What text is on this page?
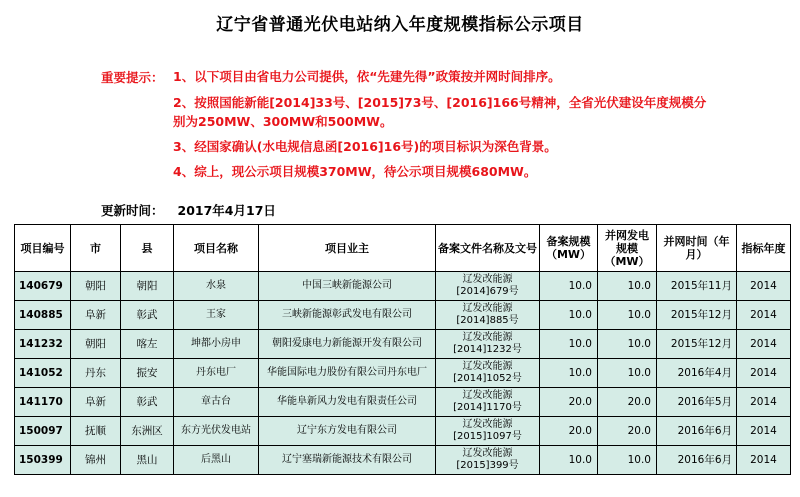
辽宁省普通光伏电站纳入年度规模指标公示项目
重要提示： 1、以下项目由省电力公司提供，依“先建先得”政策按并网时间排序。
2、按照国能新能[2014]33号、[2015]73号、[2016]166号精神，全省光伏建设年度规模分
别为250MW、300MW和500MW。
3、经国家确认(水电规信息函[2016]16号)的项目标识为深色背景。
4、综上，现公示项目规模370MW，待公示项目规模680MW。
更新时间： 2017年4月17日
项目编号	市	县	项目名称	项目业主	备案文件名称及文号	备案规模（MW）	并网发电规模（MW）	并网时间（年月）	指标年度
140679	朝阳	朝阳	水泉	中国三峡新能源公司	辽发改能源[2014]679号	10.0	10.0	2015年11月	2014
140885	阜新	彰武	王家	三峡新能源彰武发电有限公司	辽发改能源[2014]885号	10.0	10.0	2015年12月	2014
141232	朝阳	喀左	坤都小房申	朝阳爱康电力新能源开发有限公司	辽发改能源[2014]1232号	10.0	10.0	2015年12月	2014
141052	丹东	振安	丹东电厂	华能国际电力股份有限公司丹东电厂	辽发改能源[2014]1052号	10.0	10.0	2016年4月	2014
141170	阜新	彰武	章古台	华能阜新风力发电有限责任公司	辽发改能源[2014]1170号	20.0	20.0	2016年5月	2014
150097	抚顺	东洲区	东方光伏发电站	辽宁东方发电有限公司	辽发改能源[2015]1097号	20.0	20.0	2016年6月	2014
150399	锦州	黑山	后黑山	辽宁塞瑞新能源技术有限公司	辽发改能源[2015]399号	10.0	10.0	2016年6月	2014
